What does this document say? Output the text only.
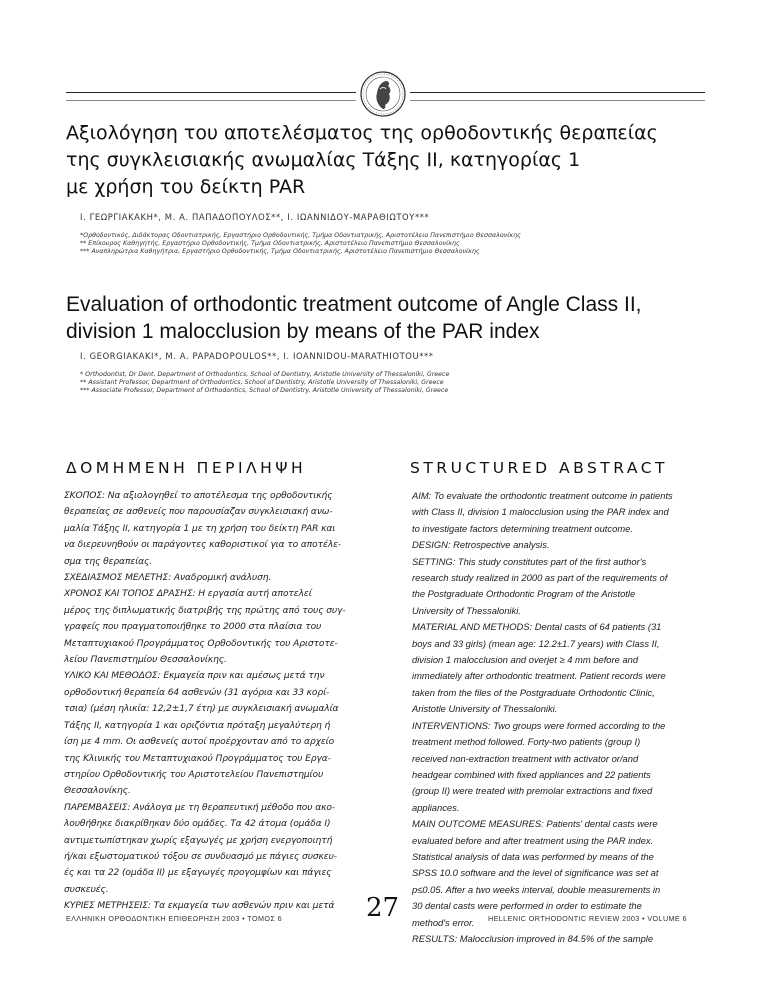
Αξιολόγηση του αποτελέσματος της ορθοδοντικής θεραπείας
της συγκλεισιακής ανωμαλίας Τάξης ΙΙ, κατηγορίας 1
με χρήση του δείκτη PAR
Ι. ΓΕΩΡΓΙΑΚΑΚΗ*, Μ. Α. ΠΑΠΑΔΟΠΟΥΛΟΣ**, Ι. ΙΩΑΝΝΙΔΟΥ-ΜΑΡΑΘΙΩΤΟΥ***
*Ορθοδοντικός, Διδάκτορας Οδοντιατρικής, Εργαστήριο Ορθοδοντικής, Τμήμα Οδοντιατρικής, Αριστοτέλειο Πανεπιστήμιο Θεσσαλονίκης
** Επίκουρος Καθηγητής, Εργαστήριο Ορθοδοντικής, Τμήμα Οδοντιατρικής, Αριστοτέλειο Πανεπιστήμιο Θεσσαλονίκης
*** Αναπληρώτρια Καθηγήτρια, Εργαστήριο Ορθοδοντικής, Τμήμα Οδοντιατρικής, Αριστοτέλειο Πανεπιστήμιο Θεσσαλονίκης
Evaluation of orthodontic treatment outcome of Angle Class II,
division 1 malocclusion by means of the PAR index
I. GEORGIAKAKI*, M. A. PAPADOPOULOS**, I. IOANNIDOU-MARATHIOTOU***
* Orthodontist, Dr Dent, Department of Orthodontics, School of Dentistry, Aristotle University of Thessaloniki, Greece
** Assistant Professor, Department of Orthodontics, School of Dentistry, Aristotle University of Thessaloniki, Greece
*** Associate Professor, Department of Orthodontics, School of Dentistry, Aristotle University of Thessaloniki, Greece
ΔΟΜΗΜΕΝΗ ΠΕΡΙΛΗΨΗ	STRUCTURED ABSTRACT
ΣΚΟΠΟΣ: Να αξιολογηθεί το αποτέλεσμα της ορθοδοντικής
θεραπείας σε ασθενείς που παρουσίαζαν συγκλεισιακή ανω-
μαλία Τάξης ΙΙ, κατηγορία 1 με τη χρήση του δείκτη PAR και
να διερευνηθούν οι παράγοντες καθοριστικοί για το αποτέλε-
σμα της θεραπείας.
ΣΧΕΔΙΑΣΜΟΣ ΜΕΛΕΤΗΣ: Αναδρομική ανάλυση.
ΧΡΟΝΟΣ ΚΑΙ ΤΟΠΟΣ ΔΡΑΣΗΣ: Η εργασία αυτή αποτελεί
μέρος της διπλωματικής διατριβής της πρώτης από τους συγ-
γραφείς που πραγματοποιήθηκε το 2000 στα πλαίσια του
Μεταπτυχιακού Προγράμματος Ορθοδοντικής του Αριστοτε-
λείου Πανεπιστημίου Θεσσαλονίκης.
ΥΛΙΚΟ ΚΑΙ ΜΕΘΟΔΟΣ: Εκμαγεία πριν και αμέσως μετά την
ορθοδοντική θεραπεία 64 ασθενών (31 αγόρια και 33 κορί-
τσια) (μέση ηλικία: 12,2±1,7 έτη) με συγκλεισιακή ανωμαλία
Τάξης ΙΙ, κατηγορία 1 και οριζόντια πρόταξη μεγαλύτερη ή
ίση με 4 mm. Οι ασθενείς αυτοί προέρχονταν από το αρχείο
της Κλινικής του Μεταπτυχιακού Προγράμματος του Εργα-
στηρίου Ορθοδοντικής του Αριστοτελείου Πανεπιστημίου
Θεσσαλονίκης.
ΠΑΡΕΜΒΑΣΕΙΣ: Ανάλογα με τη θεραπευτική μέθοδο που ακο-
λουθήθηκε διακρίθηκαν δύο ομάδες. Τα 42 άτομα (ομάδα Ι)
αντιμετωπίστηκαν χωρίς εξαγωγές με χρήση ενεργοποιητή
ή/και εξωστοματικού τόξου σε συνδυασμό με πάγιες συσκευ-
ές και τα 22 (ομάδα ΙΙ) με εξαγωγές προγομφίων και πάγιες
συσκευές.
ΚΥΡΙΕΣ ΜΕΤΡΗΣΕΙΣ: Τα εκμαγεία των ασθενών πριν και μετά
AIM: To evaluate the orthodontic treatment outcome in patients
with Class II, division 1 malocclusion using the PAR index and
to investigate factors determining treatment outcome.
DESIGN: Retrospective analysis.
SETTING: This study constitutes part of the first author's
research study realized in 2000 as part of the requirements of
the Postgraduate Orthodontic Program of the Aristotle
University of Thessaloniki.
MATERIAL AND METHODS: Dental casts of 64 patients (31
boys and 33 girls) (mean age: 12.2±1.7 years) with Class II,
division 1 malocclusion and overjet ≥ 4 mm before and
immediately after orthodontic treatment. Patient records were
taken from the files of the Postgraduate Orthodontic Clinic,
Aristotle University of Thessaloniki.
INTERVENTIONS: Two groups were formed according to the
treatment method followed. Forty-two patients (group I)
received non-extraction treatment with activator or/and
headgear combined with fixed appliances and 22 patients
(group II) were treated with premolar extractions and fixed
appliances.
MAIN OUTCOME MEASURES: Patients' dental casts were
evaluated before and after treatment using the PAR index.
Statistical analysis of data was performed by means of the
SPSS 10.0 software and the level of significance was set at
p≤0.05. After a two weeks interval, double measurements in
30 dental casts were performed in order to estimate the
method's error.
RESULTS: Malocclusion improved in 84.5% of the sample
ΕΛΛΗΝΙΚΗ ΟΡΘΟΔΟΝΤΙΚΗ ΕΠΙΘΕΩΡΗΣΗ 2003 • ΤΟΜΟΣ 6	27	HELLENIC ORTHODONTIC REVIEW 2003 • VOLUME 6
